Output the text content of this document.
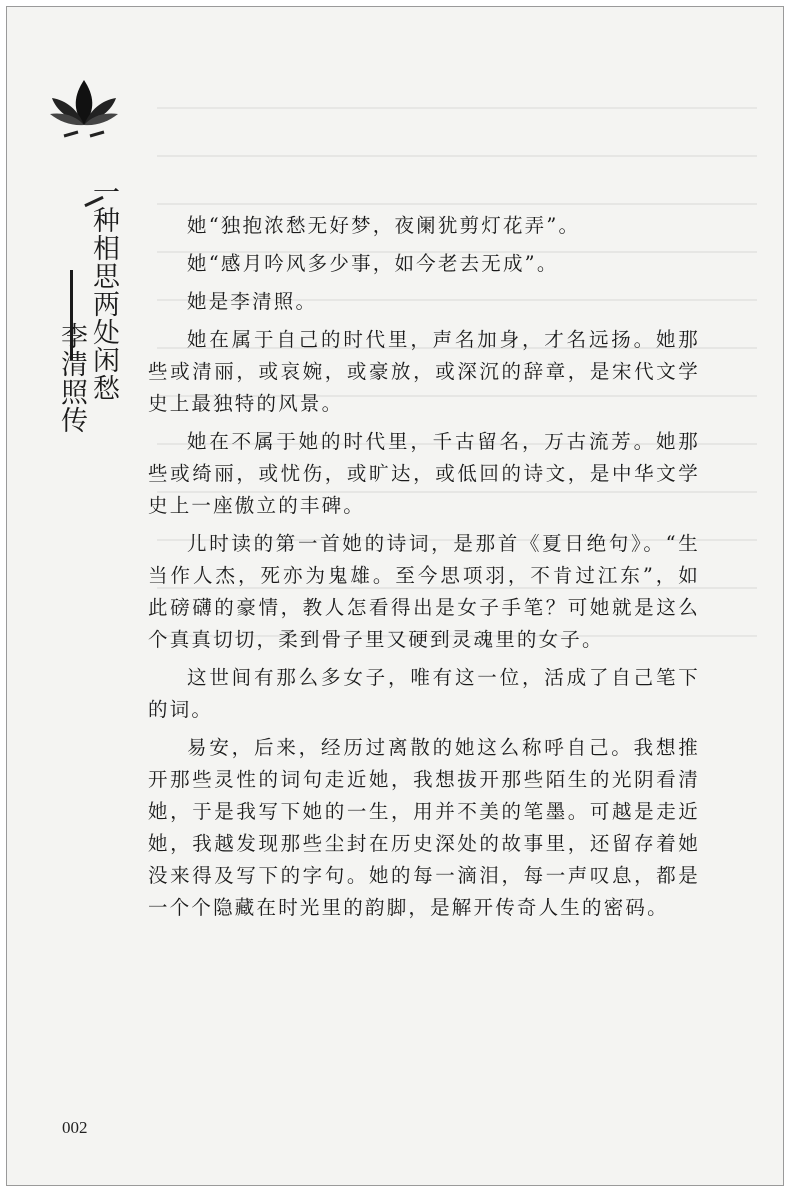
一种相思两处闲愁
李清照传

她“独抱浓愁无好梦，夜阑犹剪灯花弄”。

她“感月吟风多少事，如今老去无成”。

她是李清照。

她在属于自己的时代里，声名加身，才名远扬。她那些或清丽，或哀婉，或豪放，或深沉的辞章，是宋代文学史上最独特的风景。

她在不属于她的时代里，千古留名，万古流芳。她那些或绮丽，或忧伤，或旷达，或低回的诗文，是中华文学史上一座傲立的丰碑。

儿时读的第一首她的诗词，是那首《夏日绝句》。“生当作人杰，死亦为鬼雄。至今思项羽，不肯过江东”，如此磅礴的豪情，教人怎看得出是女子手笔？可她就是这么个真真切切，柔到骨子里又硬到灵魂里的女子。

这世间有那么多女子，唯有这一位，活成了自己笔下的词。

易安，后来，经历过离散的她这么称呼自己。我想推开那些灵性的词句走近她，我想拔开那些陌生的光阴看清她，于是我写下她的一生，用并不美的笔墨。可越是走近她，我越发现那些尘封在历史深处的故事里，还留存着她没来得及写下的字句。她的每一滴泪，每一声叹息，都是一个个隐藏在时光里的韵脚，是解开传奇人生的密码。

002
